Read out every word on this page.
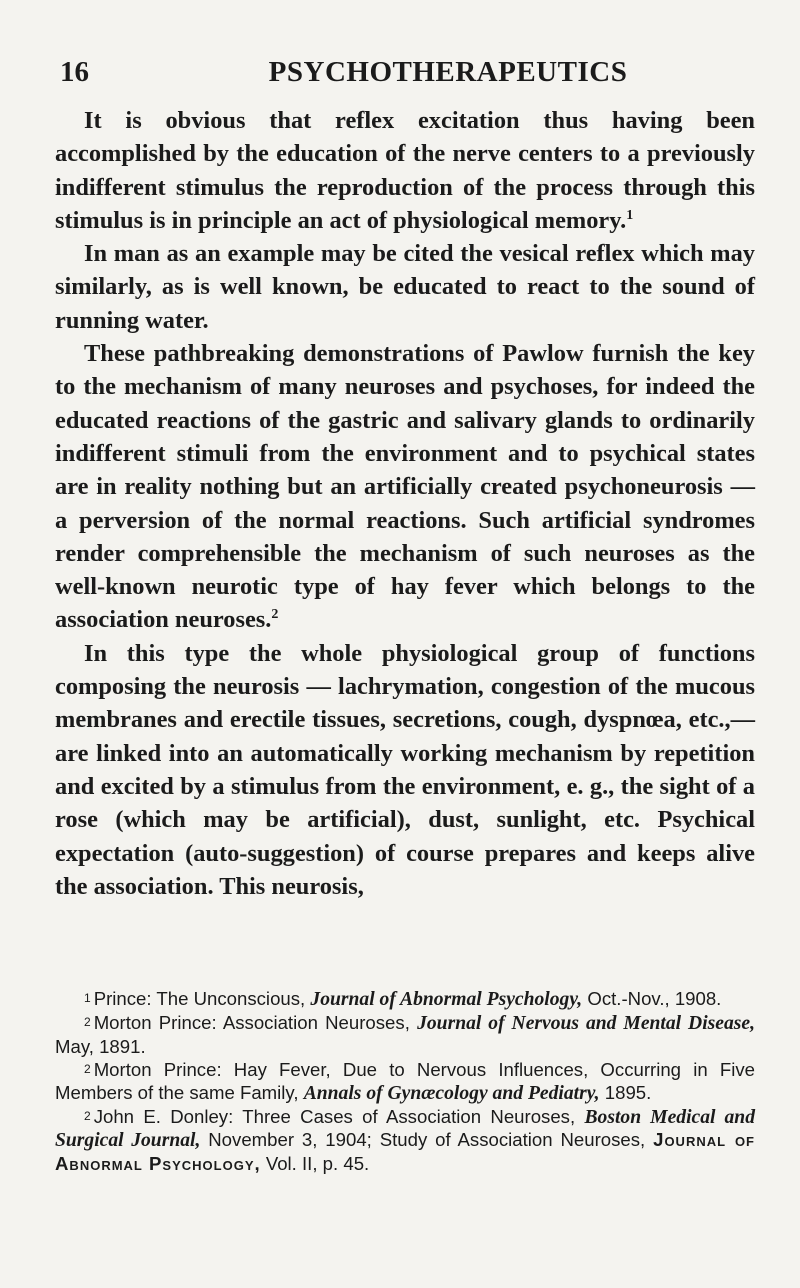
16	PSYCHOTHERAPEUTICS

It is obvious that reflex excitation thus having been accomplished by the education of the nerve centers to a previously indifferent stimulus the reproduction of the process through this stimulus is in principle an act of physiological memory.$^1$

In man as an example may be cited the vesical reflex which may similarly, as is well known, be educated to react to the sound of running water.

These pathbreaking demonstrations of Pawlow furnish the key to the mechanism of many neuroses and psychoses, for indeed the educated reactions of the gastric and salivary glands to ordinarily indifferent stimuli from the environment and to psychical states are in reality nothing but an artificially created psychoneurosis — a perversion of the normal reactions. Such artificial syndromes render comprehensible the mechanism of such neuroses as the well-known neurotic type of hay fever which belongs to the association neuroses.$^2$

In this type the whole physiological group of functions composing the neurosis — lachrymation, congestion of the mucous membranes and erectile tissues, secretions, cough, dyspnœa, etc.,— are linked into an automatically working mechanism by repetition and excited by a stimulus from the environment, e. g., the sight of a rose (which may be artificial), dust, sunlight, etc. Psychical expectation (auto-suggestion) of course prepares and keeps alive the association. This neurosis,

1 Prince: The Unconscious, Journal of Abnormal Psychology, Oct.-Nov., 1908.

2 Morton Prince: Association Neuroses, Journal of Nervous and Mental Disease, May, 1891.

2 Morton Prince: Hay Fever, Due to Nervous Influences, Occurring in Five Members of the same Family, Annals of Gynæcology and Pediatry, 1895.

2 John E. Donley: Three Cases of Association Neuroses, Boston Medical and Surgical Journal, November 3, 1904; Study of Association Neuroses, Journal of Abnormal Psychology, Vol. II, p. 45.
